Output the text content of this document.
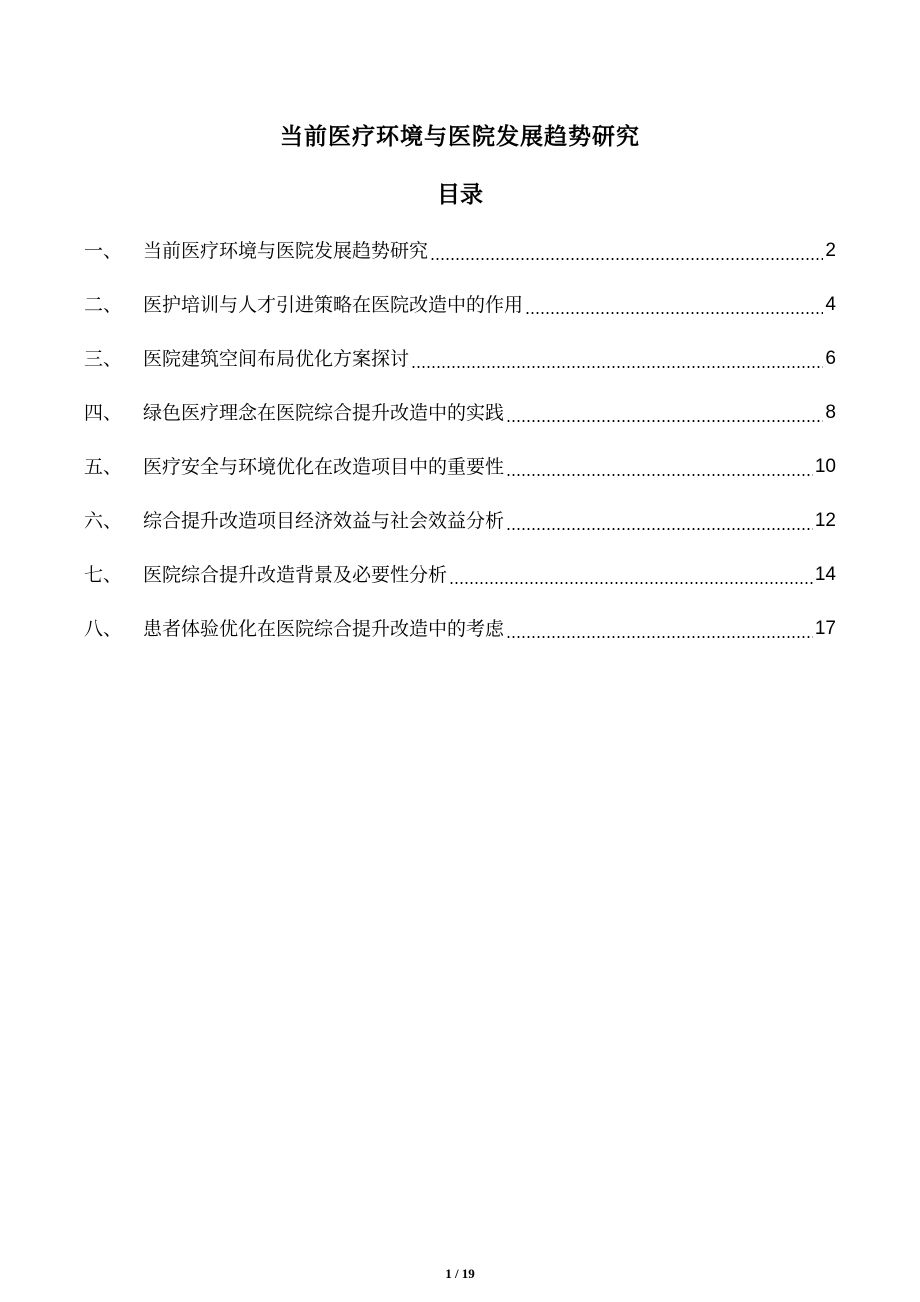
当前医疗环境与医院发展趋势研究
目录
一、	当前医疗环境与医院发展趋势研究	2
二、	医护培训与人才引进策略在医院改造中的作用	4
三、	医院建筑空间布局优化方案探讨	6
四、	绿色医疗理念在医院综合提升改造中的实践	8
五、	医疗安全与环境优化在改造项目中的重要性	10
六、	综合提升改造项目经济效益与社会效益分析	12
七、	医院综合提升改造背景及必要性分析	14
八、	患者体验优化在医院综合提升改造中的考虑	17
1 / 19
